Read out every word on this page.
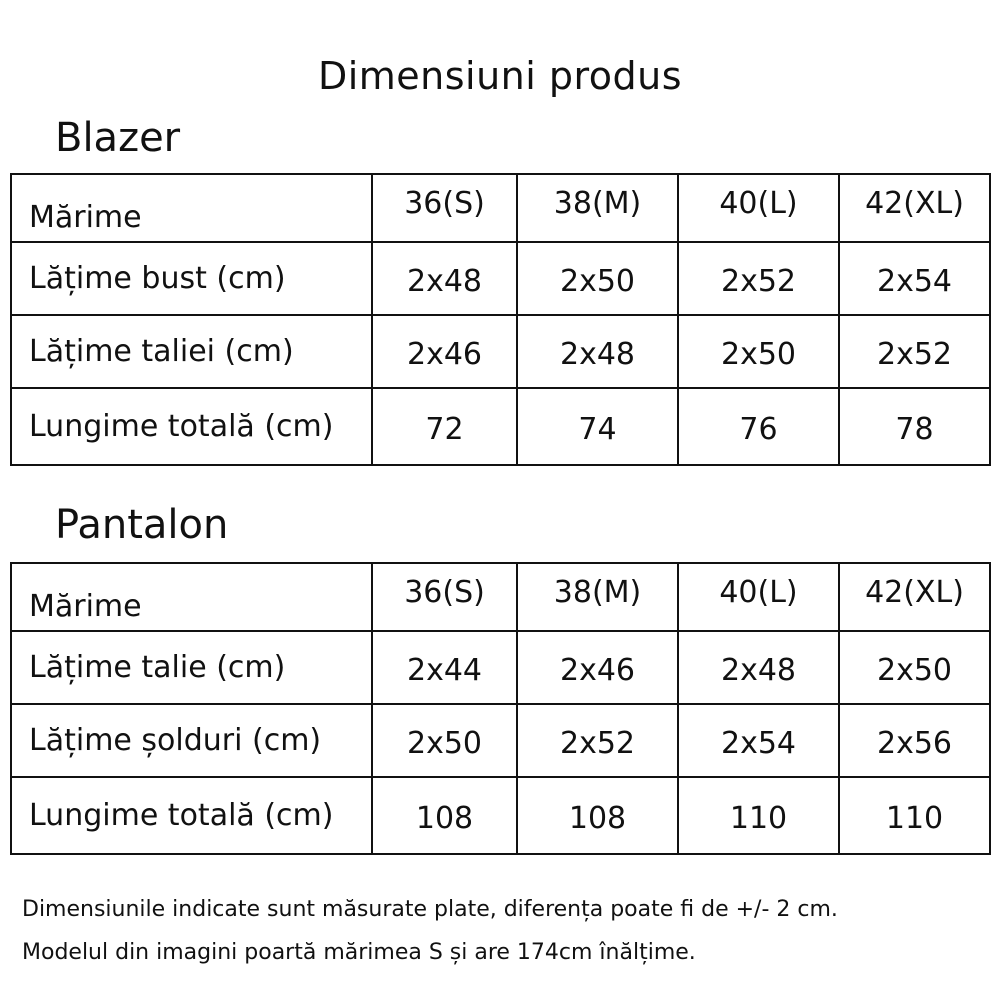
Dimensiuni produs
Blazer
Mărime	36(S)	38(M)	40(L)	42(XL)
Lățime bust (cm)	2x48	2x50	2x52	2x54
Lățime taliei (cm)	2x46	2x48	2x50	2x52
Lungime totală (cm)	72	74	76	78
Pantalon
Mărime	36(S)	38(M)	40(L)	42(XL)
Lățime talie (cm)	2x44	2x46	2x48	2x50
Lățime șolduri (cm)	2x50	2x52	2x54	2x56
Lungime totală (cm)	108	108	110	110
Dimensiunile indicate sunt măsurate plate, diferența poate fi de +/- 2 cm.
Modelul din imagini poartă mărimea S și are 174cm înălțime.
